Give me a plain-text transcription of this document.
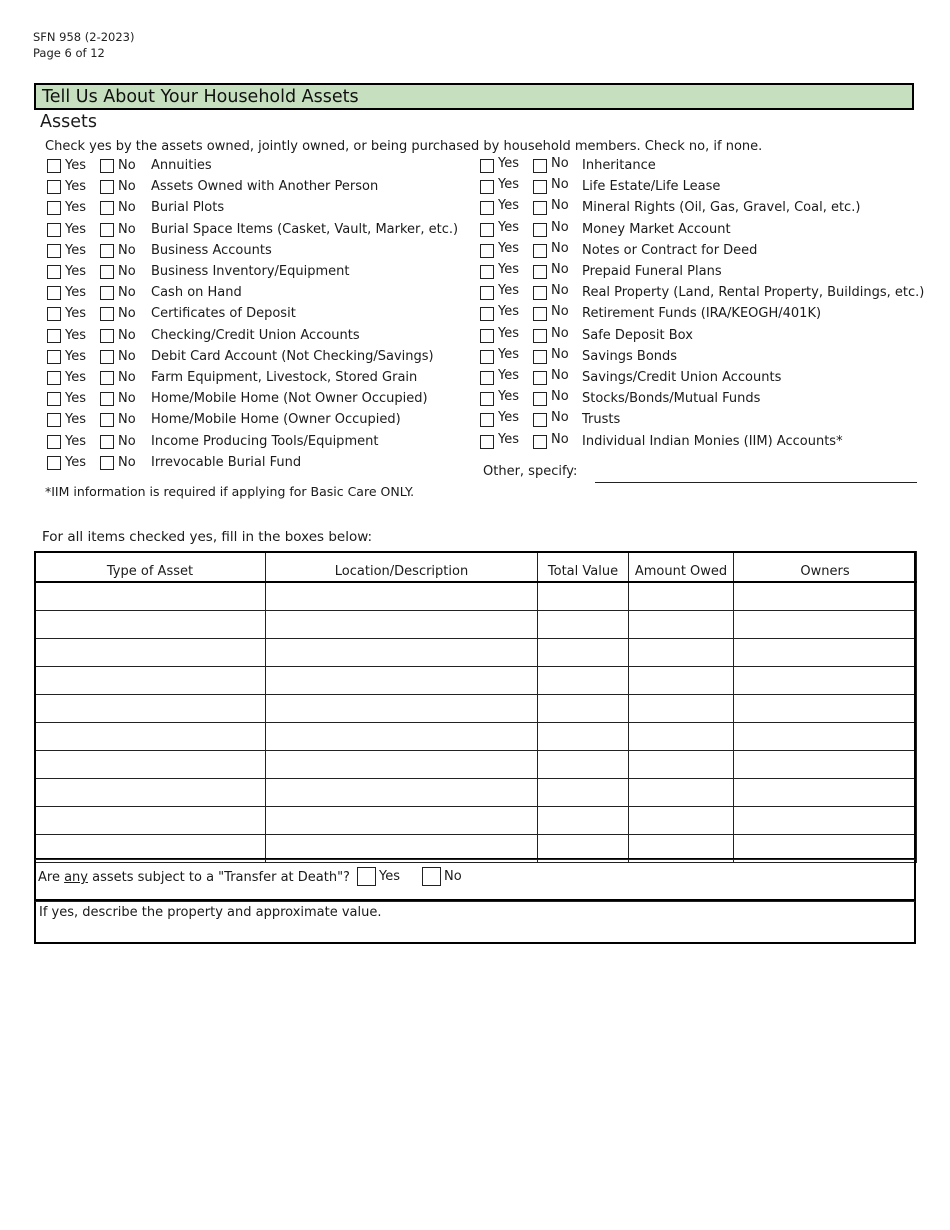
SFN 958 (2-2023)
Page 6 of 12
Tell Us About Your Household Assets
Assets
Check yes by the assets owned, jointly owned, or being purchased by household members. Check no, if none.
Yes No Annuities
Yes No Assets Owned with Another Person
Yes No Burial Plots
Yes No Burial Space Items (Casket, Vault, Marker, etc.)
Yes No Business Accounts
Yes No Business Inventory/Equipment
Yes No Cash on Hand
Yes No Certificates of Deposit
Yes No Checking/Credit Union Accounts
Yes No Debit Card Account (Not Checking/Savings)
Yes No Farm Equipment, Livestock, Stored Grain
Yes No Home/Mobile Home (Not Owner Occupied)
Yes No Home/Mobile Home (Owner Occupied)
Yes No Income Producing Tools/Equipment
Yes No Irrevocable Burial Fund
Yes No Inheritance
Yes No Life Estate/Life Lease
Yes No Mineral Rights (Oil, Gas, Gravel, Coal, etc.)
Yes No Money Market Account
Yes No Notes or Contract for Deed
Yes No Prepaid Funeral Plans
Yes No Real Property (Land, Rental Property, Buildings, etc.)
Yes No Retirement Funds (IRA/KEOGH/401K)
Yes No Safe Deposit Box
Yes No Savings Bonds
Yes No Savings/Credit Union Accounts
Yes No Stocks/Bonds/Mutual Funds
Yes No Trusts
Yes No Individual Indian Monies (IIM) Accounts*
Other, specify:
*IIM information is required if applying for Basic Care ONLY.
For all items checked yes, fill in the boxes below:
Type of Asset	Location/Description	Total Value	Amount Owed	Owners

Are any assets subject to a "Transfer at Death"? Yes	No
If yes, describe the property and approximate value.
